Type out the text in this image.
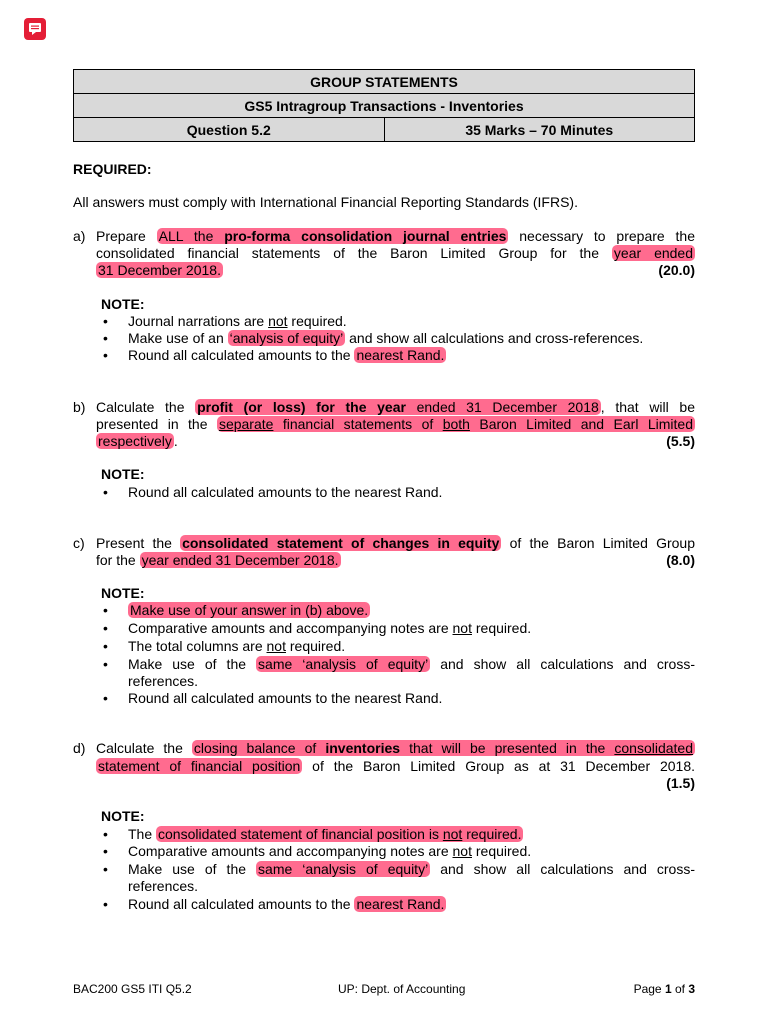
GROUP STATEMENTS
GS5 Intragroup Transactions - Inventories
Question 5.2	35 Marks – 70 Minutes
REQUIRED:
All answers must comply with International Financial Reporting Standards (IFRS).
a) Prepare ALL the pro-forma consolidation journal entries necessary to prepare the
consolidated financial statements of the Baron Limited Group for the year ended
31 December 2018.	(20.0)
NOTE:
• Journal narrations are not required.
• Make use of an ‘analysis of equity’ and show all calculations and cross-references.
• Round all calculated amounts to the nearest Rand.
b) Calculate the profit (or loss) for the year ended 31 December 2018 , that will be
presented in the separate financial statements of both Baron Limited and Earl Limited
respectively .	(5.5)
NOTE:
• Round all calculated amounts to the nearest Rand.
c) Present the consolidated statement of changes in equity of the Baron Limited Group
for the year ended 31 December 2018.	(8.0)
NOTE:
• Make use of your answer in (b) above.
• Comparative amounts and accompanying notes are not required.
• The total columns are not required.
• Make use of the same ‘analysis of equity’ and show all calculations and cross-
references.
• Round all calculated amounts to the nearest Rand.
d) Calculate the closing balance of inventories that will be presented in the consolidated
statement of financial position of the Baron Limited Group as at 31 December 2018.
(1.5)
NOTE:
• The consolidated statement of financial position is not required.
• Comparative amounts and accompanying notes are not required.
• Make use of the same ‘analysis of equity’ and show all calculations and cross-
references.
• Round all calculated amounts to the nearest Rand.
BAC200 GS5 ITI Q5.2	UP: Dept. of Accounting	Page 1 of 3
